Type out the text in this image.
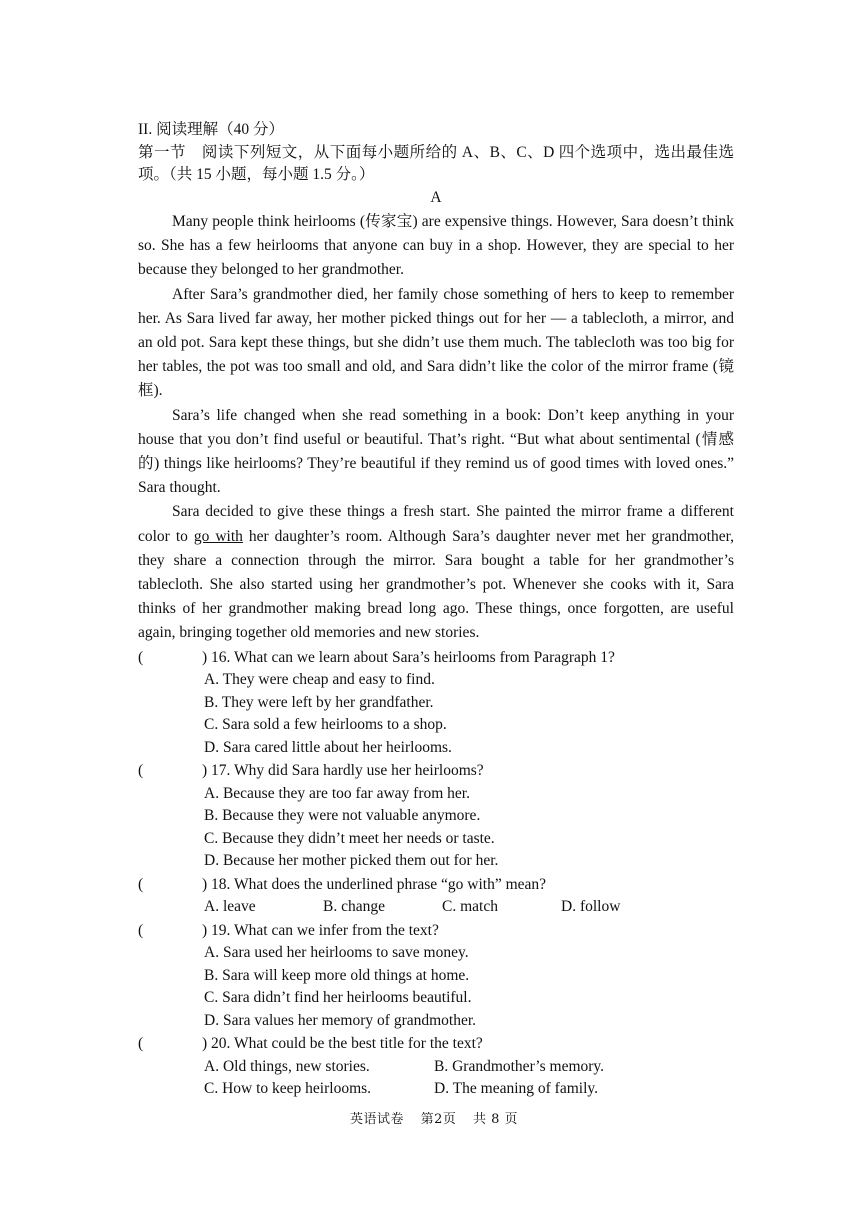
II. 阅读理解（40 分）
第一节　阅读下列短文，从下面每小题所给的 A、B、C、D 四个选项中，选出最佳选项。（共 15 小题，每小题 1.5 分。）
A

Many people think heirlooms (传家宝) are expensive things. However, Sara doesn’t think so. She has a few heirlooms that anyone can buy in a shop. However, they are special to her because they belonged to her grandmother.

After Sara’s grandmother died, her family chose something of hers to keep to remember her. As Sara lived far away, her mother picked things out for her — a tablecloth, a mirror, and an old pot. Sara kept these things, but she didn’t use them much. The tablecloth was too big for her tables, the pot was too small and old, and Sara didn’t like the color of the mirror frame (镜框).

Sara’s life changed when she read something in a book: Don’t keep anything in your house that you don’t find useful or beautiful. That’s right. “But what about sentimental (情感的) things like heirlooms? They’re beautiful if they remind us of good times with loved ones.” Sara thought.

Sara decided to give these things a fresh start. She painted the mirror frame a different color to go with her daughter’s room. Although Sara’s daughter never met her grandmother, they share a connection through the mirror. Sara bought a table for her grandmother’s tablecloth. She also started using her grandmother’s pot. Whenever she cooks with it, Sara thinks of her grandmother making bread long ago. These things, once forgotten, are useful again, bringing together old memories and new stories.

(	) 16. What can we learn about Sara’s heirlooms from Paragraph 1?
A. They were cheap and easy to find.
B. They were left by her grandfather.
C. Sara sold a few heirlooms to a shop.
D. Sara cared little about her heirlooms.
(	) 17. Why did Sara hardly use her heirlooms?
A. Because they are too far away from her.
B. Because they were not valuable anymore.
C. Because they didn’t meet her needs or taste.
D. Because her mother picked them out for her.
(	) 18. What does the underlined phrase “go with” mean?
A. leave	B. change	C. match	D. follow
(	) 19. What can we infer from the text?
A. Sara used her heirlooms to save money.
B. Sara will keep more old things at home.
C. Sara didn’t find her heirlooms beautiful.
D. Sara values her memory of grandmother.
(	) 20. What could be the best title for the text?
A. Old things, new stories.	B. Grandmother’s memory.
C. How to keep heirlooms.	D. The meaning of family.
英语试卷 第2页 共 8 页
